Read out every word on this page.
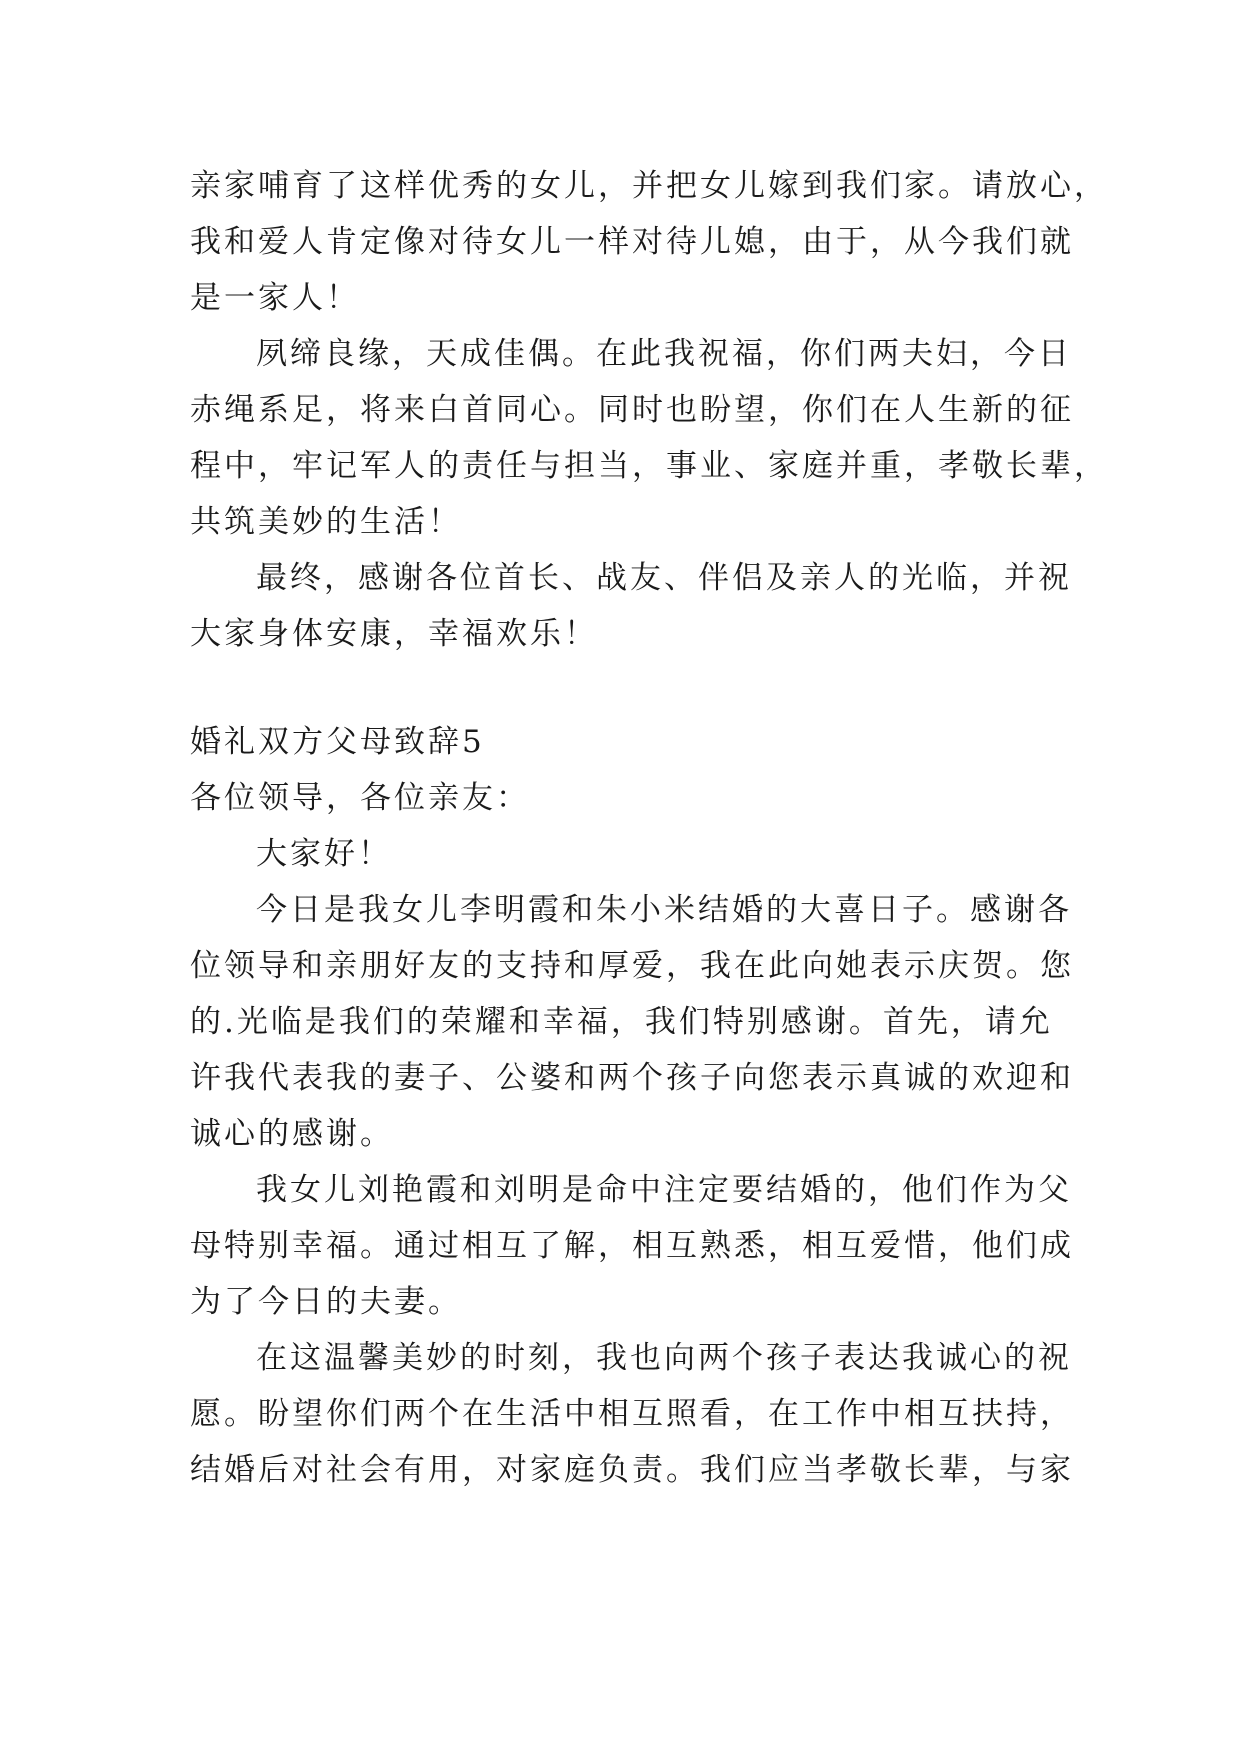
亲家哺育了这样优秀的女儿，并把女儿嫁到我们家。请放心，
我和爱人肯定像对待女儿一样对待儿媳，由于，从今我们就
是一家人！
夙缔良缘，天成佳偶。在此我祝福，你们两夫妇，今日
赤绳系足，将来白首同心。同时也盼望，你们在人生新的征
程中，牢记军人的责任与担当，事业、家庭并重，孝敬长辈，
共筑美妙的生活！
最终，感谢各位首长、战友、伴侣及亲人的光临，并祝
大家身体安康，幸福欢乐！
婚礼双方父母致辞5
各位领导，各位亲友：
大家好！
今日是我女儿李明霞和朱小米结婚的大喜日子。感谢各
位领导和亲朋好友的支持和厚爱，我在此向她表示庆贺。您
的.光临是我们的荣耀和幸福，我们特别感谢。首先，请允
许我代表我的妻子、公婆和两个孩子向您表示真诚的欢迎和
诚心的感谢。
我女儿刘艳霞和刘明是命中注定要结婚的，他们作为父
母特别幸福。通过相互了解，相互熟悉，相互爱惜，他们成
为了今日的夫妻。
在这温馨美妙的时刻，我也向两个孩子表达我诚心的祝
愿。盼望你们两个在生活中相互照看，在工作中相互扶持，
结婚后对社会有用，对家庭负责。我们应当孝敬长辈，与家
